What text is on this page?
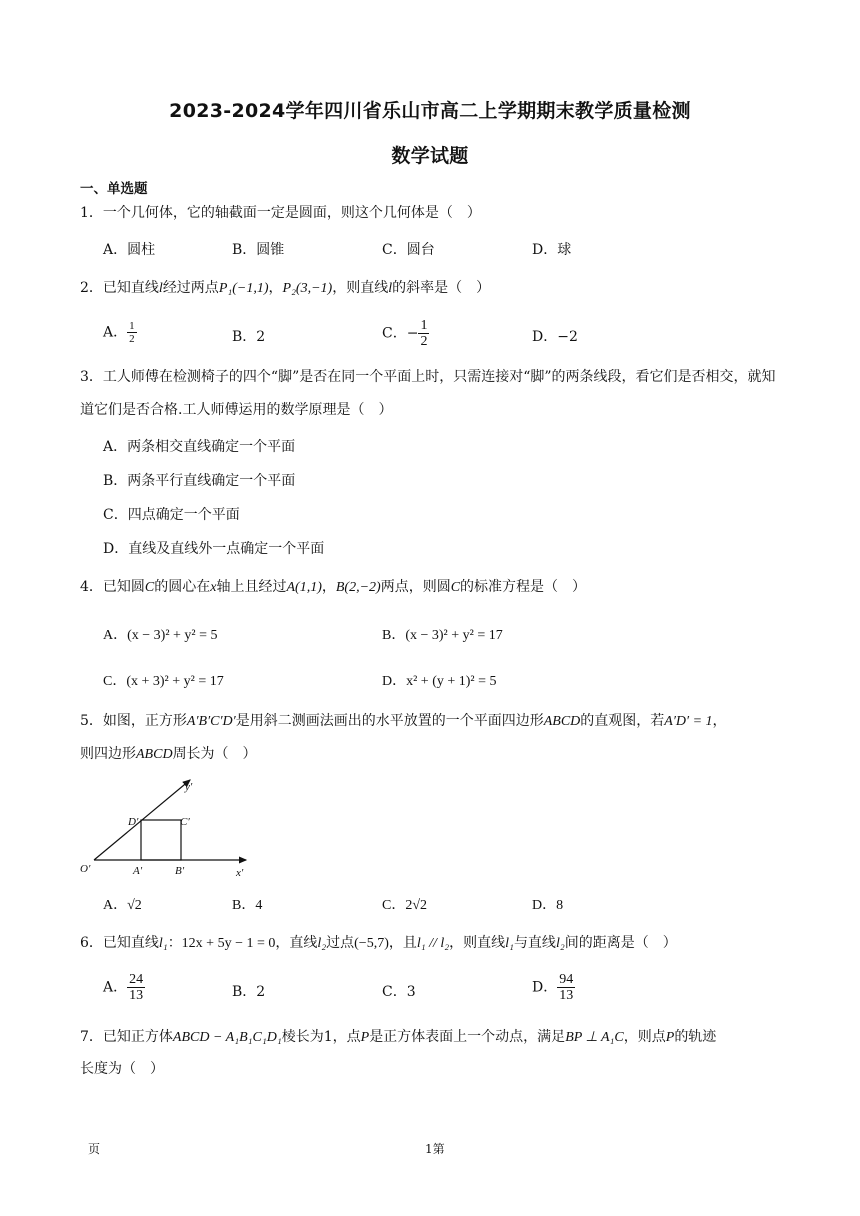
2023-2024学年四川省乐山市高二上学期期末教学质量检测
数学试题
一、单选题
1．一个几何体，它的轴截面一定是圆面，则这个几何体是（　）
A．圆柱	B．圆锥	C．圆台	D．球
2．已知直线l经过两点P₁(−1,1)，P₂(3,−1)，则直线l的斜率是（　）
A． $\frac{1}{2}$	B．2	C．− $\frac{1}{2}$	D．−2
3．工人师傅在检测椅子的四个“脚”是否在同一个平面上时，只需连接对“脚”的两条线段，看它们是否相交，就知道它们是否合格.工人师傅运用的数学原理是（　）
A．两条相交直线确定一个平面
B．两条平行直线确定一个平面
C．四点确定一个平面
D．直线及直线外一点确定一个平面
4．已知圆C的圆心在x轴上且经过A(1,1)，B(2,−2)两点，则圆C的标准方程是（　）
A．(x − 3)² + y² = 5	B．(x − 3)² + y² = 17
C．(x + 3)² + y² = 17	D．x² + (y + 1)² = 5
5．如图，正方形A′B′C′D′是用斜二测画法画出的水平放置的一个平面四边形ABCD的直观图，若A′D′ = 1，
则四边形ABCD周长为（　）
O′	A′	B′
C′
D′
x′
y′
A．√2	B．4	C．2√2	D．8
6．已知直线l₁：12x + 5y − 1 = 0，直线l₂过点(−5,7)，且l₁ // l₂，则直线l₁与直线l₂间的距离是（　）
A． $\frac{24}{13}$	B．2	C．3	D． $\frac{94}{13}$
7．已知正方体ABCD − A₁B₁C₁D₁棱长为1，点P是正方体表面上一个动点，满足BP ⊥ A₁C，则点P的轨迹
长度为（　）
页	1第
